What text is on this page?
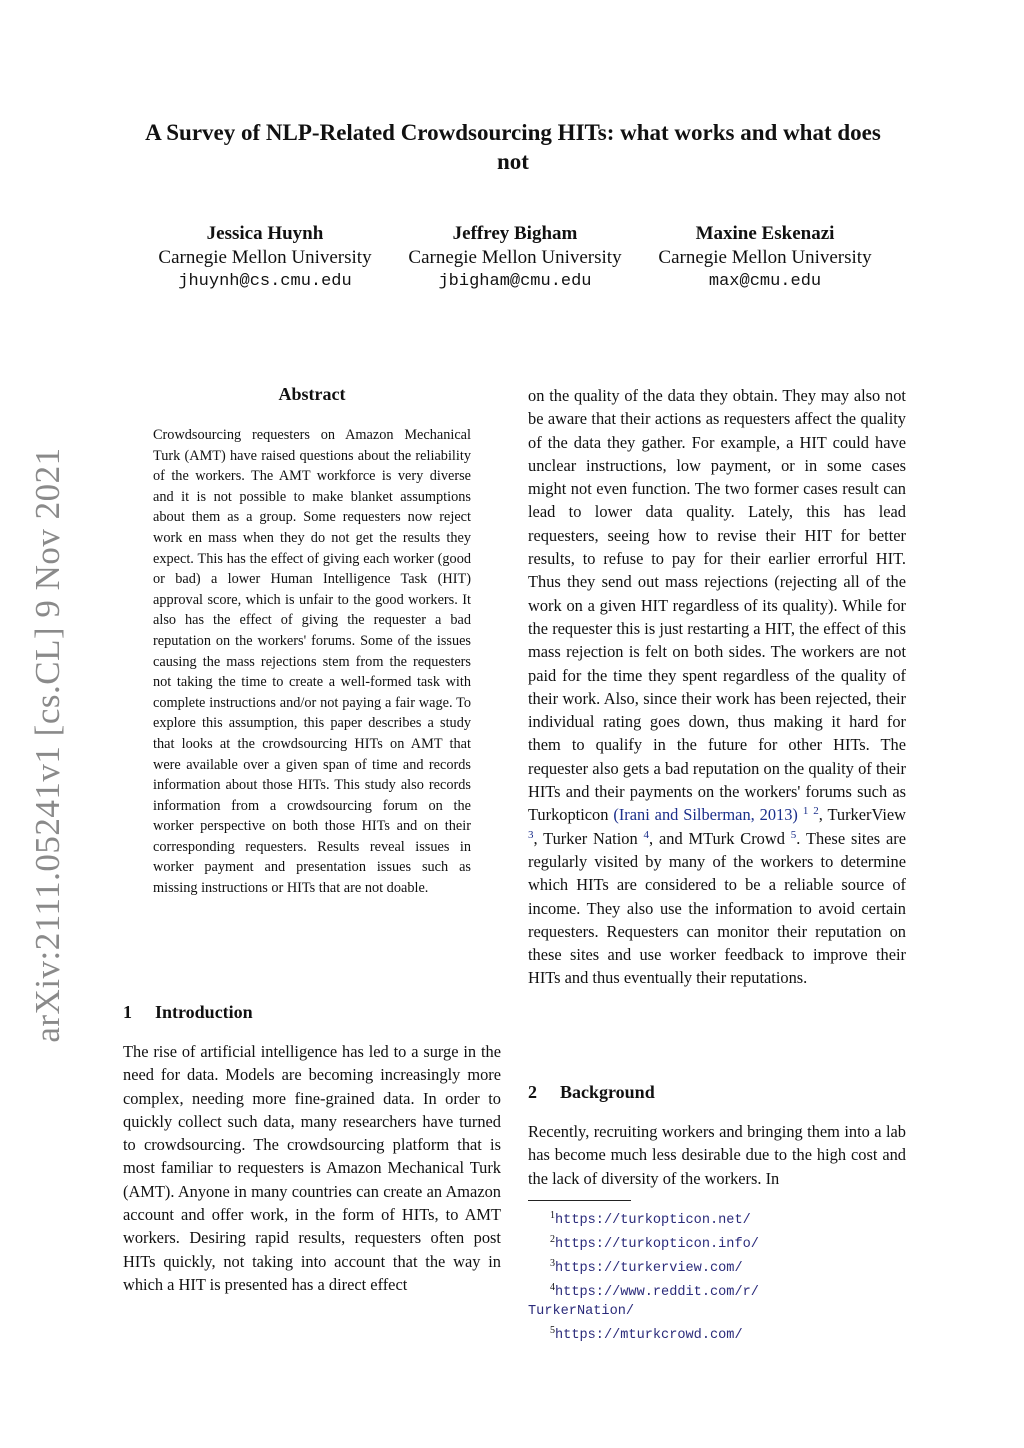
arXiv:2111.05241v1 [cs.CL] 9 Nov 2021
A Survey of NLP-Related Crowdsourcing HITs: what works and what does not
Jessica Huynh
Carnegie Mellon University
jhuynh@cs.cmu.edu
Jeffrey Bigham
Carnegie Mellon University
jbigham@cmu.edu
Maxine Eskenazi
Carnegie Mellon University
max@cmu.edu
Abstract

Crowdsourcing requesters on Amazon Mechanical Turk (AMT) have raised questions about the reliability of the workers. The AMT workforce is very diverse and it is not possible to make blanket assumptions about them as a group. Some requesters now reject work en mass when they do not get the results they expect. This has the effect of giving each worker (good or bad) a lower Human Intelligence Task (HIT) approval score, which is unfair to the good workers. It also has the effect of giving the requester a bad reputation on the workers' forums. Some of the issues causing the mass rejections stem from the requesters not taking the time to create a well-formed task with complete instructions and/or not paying a fair wage. To explore this assumption, this paper describes a study that looks at the crowdsourcing HITs on AMT that were available over a given span of time and records information about those HITs. This study also records information from a crowdsourcing forum on the worker perspective on both those HITs and on their corresponding requesters. Results reveal issues in worker payment and presentation issues such as missing instructions or HITs that are not doable.

1 Introduction

The rise of artificial intelligence has led to a surge in the need for data. Models are becoming increasingly more complex, needing more fine-grained data. In order to quickly collect such data, many researchers have turned to crowdsourcing. The crowdsourcing platform that is most familiar to requesters is Amazon Mechanical Turk (AMT). Anyone in many countries can create an Amazon account and offer work, in the form of HITs, to AMT workers. Desiring rapid results, requesters often post HITs quickly, not taking into account that the way in which a HIT is presented has a direct effect

on the quality of the data they obtain. They may also not be aware that their actions as requesters affect the quality of the data they gather. For example, a HIT could have unclear instructions, low payment, or in some cases might not even function. The two former cases result can lead to lower data quality. Lately, this has lead requesters, seeing how to revise their HIT for better results, to refuse to pay for their earlier errorful HIT. Thus they send out mass rejections (rejecting all of the work on a given HIT regardless of its quality). While for the requester this is just restarting a HIT, the effect of this mass rejection is felt on both sides. The workers are not paid for the time they spent regardless of the quality of their work. Also, since their work has been rejected, their individual rating goes down, thus making it hard for them to qualify in the future for other HITs. The requester also gets a bad reputation on the quality of their HITs and their payments on the workers' forums such as Turkopticon (Irani and Silberman, 2013) $^1$ $^2$, TurkerView $^3$, Turker Nation $^4$, and MTurk Crowd $^5$. These sites are regularly visited by many of the workers to determine which HITs are considered to be a reliable source of income. They also use the information to avoid certain requesters. Requesters can monitor their reputation on these sites and use worker feedback to improve their HITs and thus eventually their reputations.

2 Background

Recently, recruiting workers and bringing them into a lab has become much less desirable due to the high cost and the lack of diversity of the workers. In

$^1$https://turkopticon.net/

$^2$https://turkopticon.info/

$^3$https://turkerview.com/

$^4$https://www.reddit.com/r/

TurkerNation/

$^5$https://mturkcrowd.com/
